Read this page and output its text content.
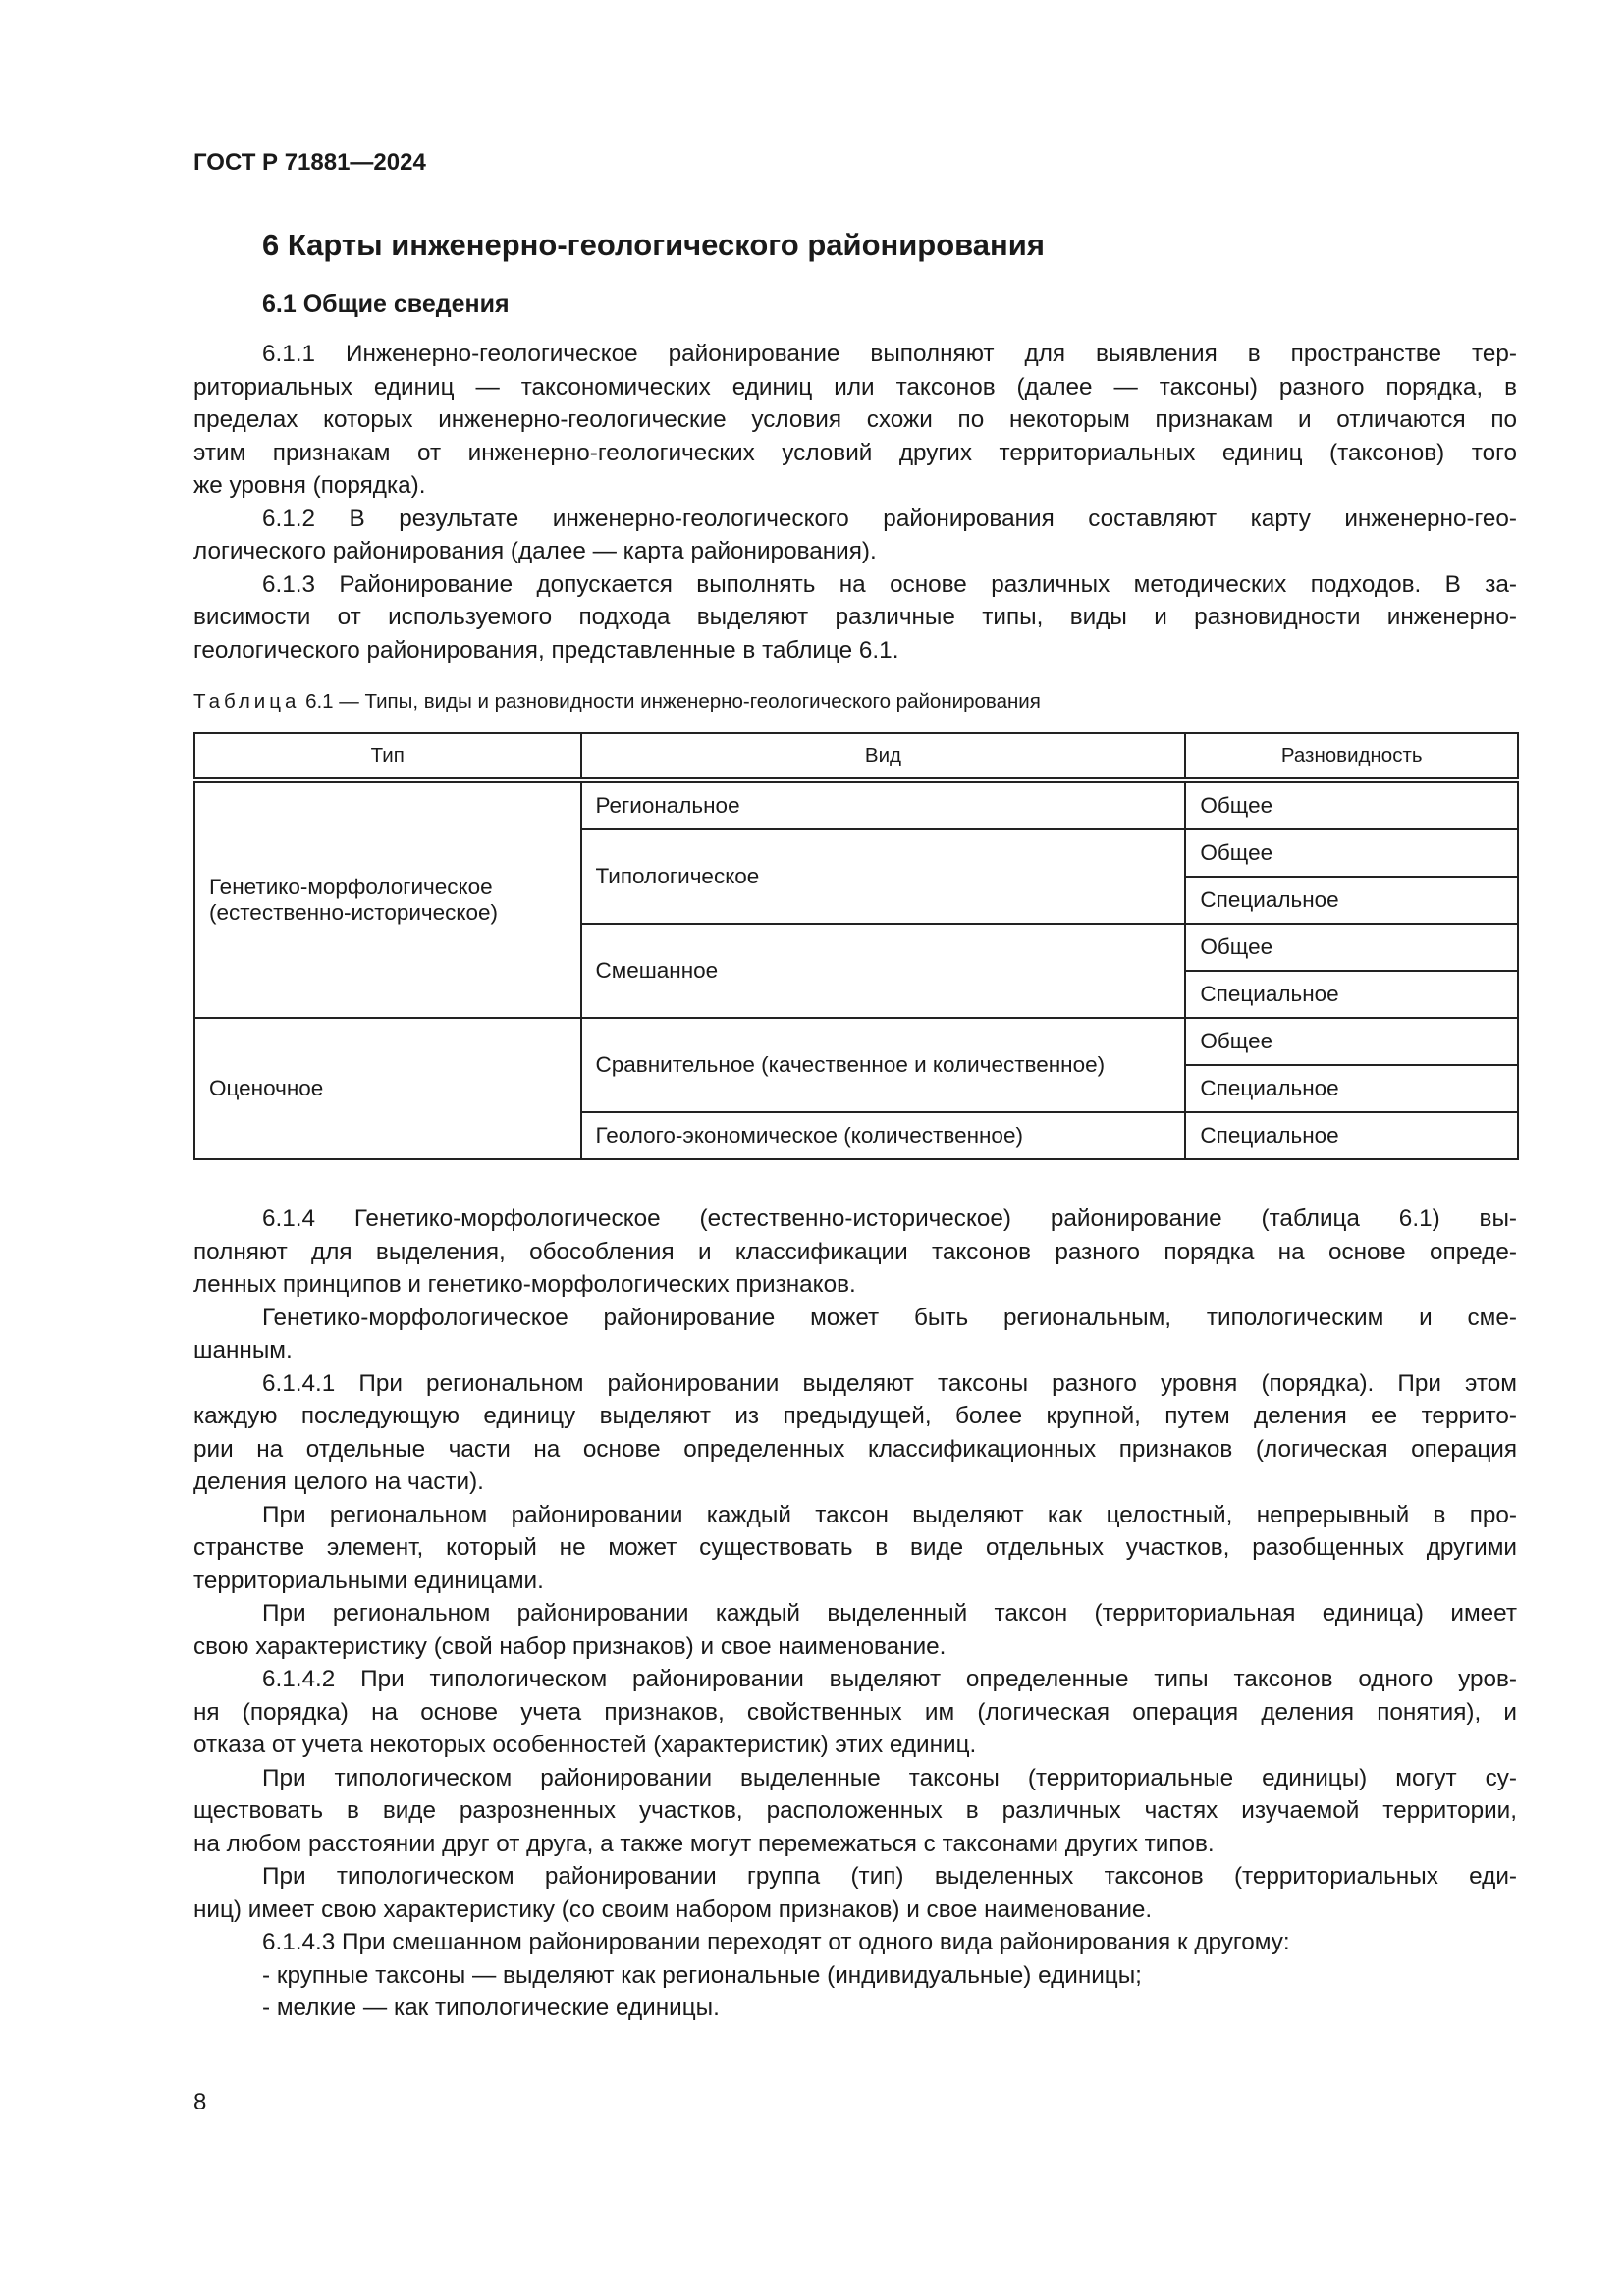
ГОСТ Р 71881—2024
6 Карты инженерно-геологического районирования
6.1 Общие сведения
6.1.1 Инженерно-геологическое районирование выполняют для выявления в пространстве тер-
риториальных единиц — таксономических единиц или таксонов (далее — таксоны) разного порядка, в
пределах которых инженерно-геологические условия схожи по некоторым признакам и отличаются по
этим признакам от инженерно-геологических условий других территориальных единиц (таксонов) того
же уровня (порядка).
6.1.2 В результате инженерно-геологического районирования составляют карту инженерно-гео-
логического районирования (далее — карта районирования).
6.1.3 Районирование допускается выполнять на основе различных методических подходов. В за-
висимости от используемого подхода выделяют различные типы, виды и разновидности инженерно-
геологического районирования, представленные в таблице 6.1.
Таблица 6.1 — Типы, виды и разновидности инженерно-геологического районирования
Тип	Вид	Разновидность
Генетико-морфологическое (естественно-историческое)	Региональное	Общее
	Типологическое	Общее
		Специальное
	Смешанное	Общее
		Специальное
Оценочное	Сравнительное (качественное и количественное)	Общее
		Специальное
	Геолого-экономическое (количественное)	Специальное
6.1.4 Генетико-морфологическое (естественно-историческое) районирование (таблица 6.1) вы-
полняют для выделения, обособления и классификации таксонов разного порядка на основе опреде-
ленных принципов и генетико-морфологических признаков.
Генетико-морфологическое районирование может быть региональным, типологическим и сме-
шанным.
6.1.4.1 При региональном районировании выделяют таксоны разного уровня (порядка). При этом
каждую последующую единицу выделяют из предыдущей, более крупной, путем деления ее террито-
рии на отдельные части на основе определенных классификационных признаков (логическая операция
деления целого на части).
При региональном районировании каждый таксон выделяют как целостный, непрерывный в про-
странстве элемент, который не может существовать в виде отдельных участков, разобщенных другими
территориальными единицами.
При региональном районировании каждый выделенный таксон (территориальная единица) имеет
свою характеристику (свой набор признаков) и свое наименование.
6.1.4.2 При типологическом районировании выделяют определенные типы таксонов одного уров-
ня (порядка) на основе учета признаков, свойственных им (логическая операция деления понятия), и
отказа от учета некоторых особенностей (характеристик) этих единиц.
При типологическом районировании выделенные таксоны (территориальные единицы) могут су-
ществовать в виде разрозненных участков, расположенных в различных частях изучаемой территории,
на любом расстоянии друг от друга, а также могут перемежаться с таксонами других типов.
При типологическом районировании группа (тип) выделенных таксонов (территориальных еди-
ниц) имеет свою характеристику (со своим набором признаков) и свое наименование.
6.1.4.3 При смешанном районировании переходят от одного вида районирования к другому:
- крупные таксоны — выделяют как региональные (индивидуальные) единицы;
- мелкие — как типологические единицы.
8
